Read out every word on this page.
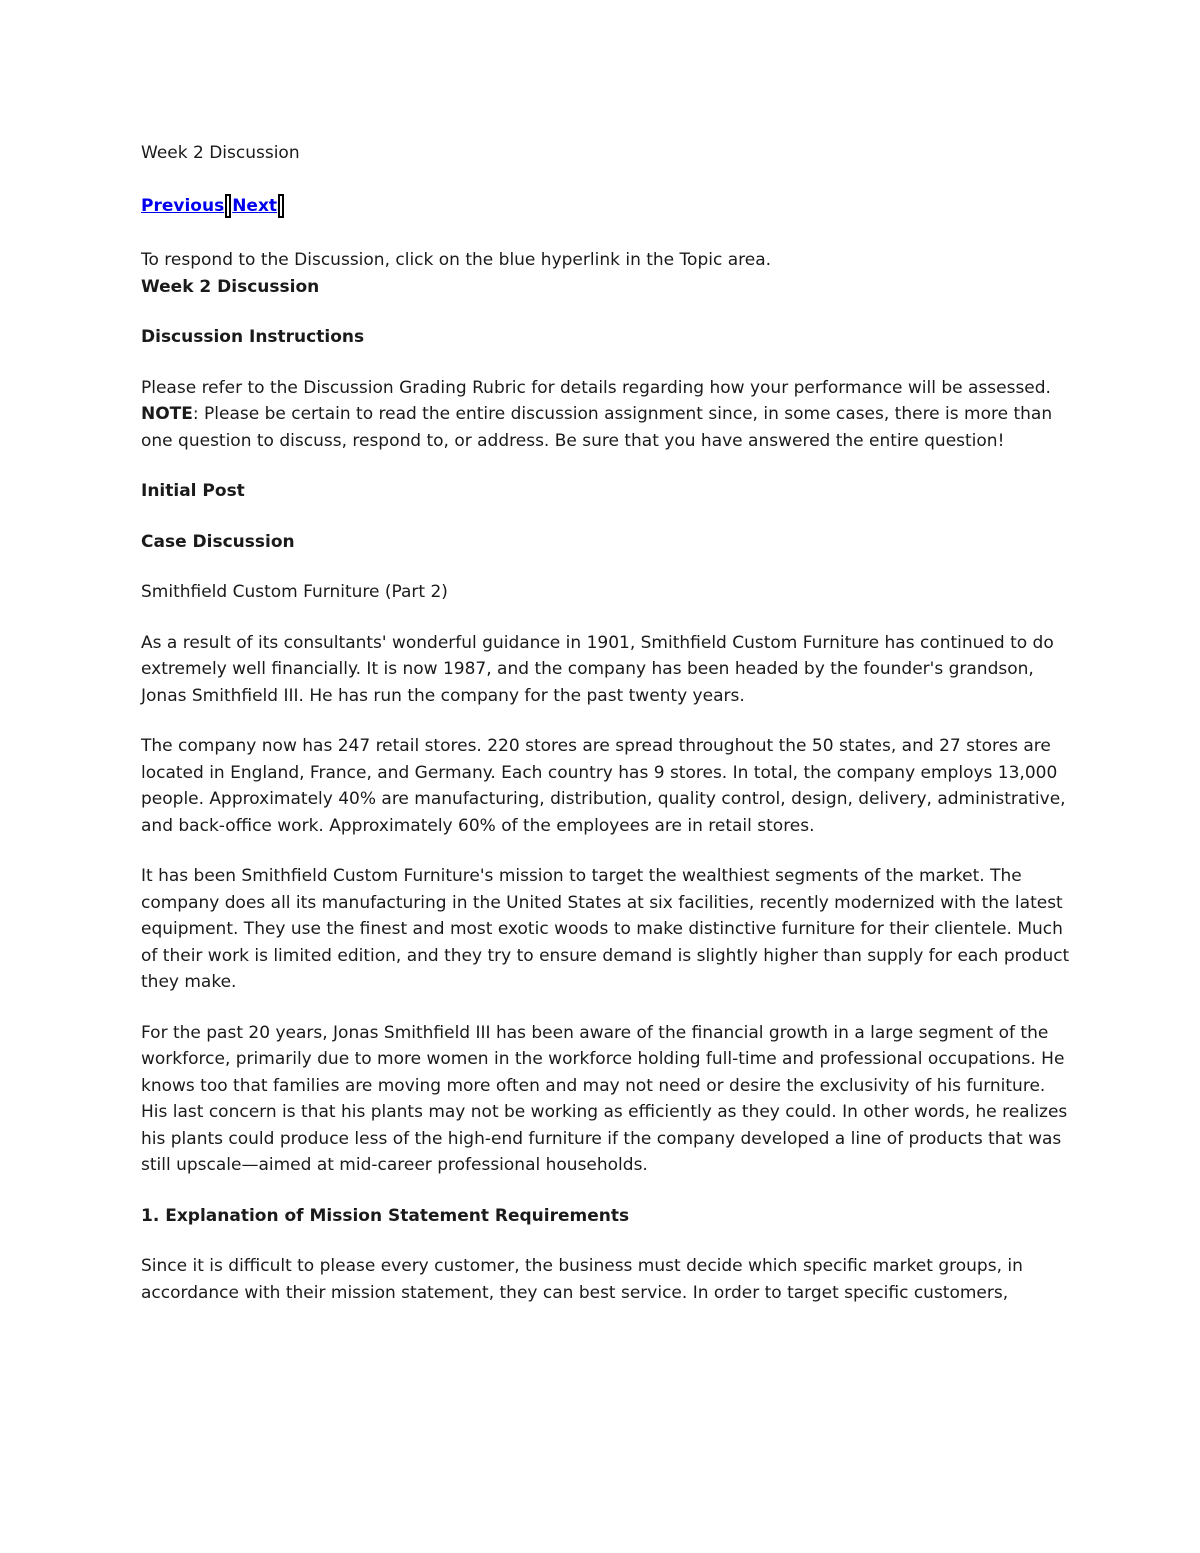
Week 2 Discussion

Previous Next

To respond to the Discussion, click on the blue hyperlink in the Topic area.

Week 2 Discussion

Discussion Instructions

Please refer to the Discussion Grading Rubric for details regarding how your performance will be assessed. NOTE: Please be certain to read the entire discussion assignment since, in some cases, there is more than one question to discuss, respond to, or address. Be sure that you have answered the entire question!

Initial Post

Case Discussion

Smithfield Custom Furniture (Part 2)

As a result of its consultants' wonderful guidance in 1901, Smithfield Custom Furniture has continued to do extremely well financially. It is now 1987, and the company has been headed by the founder's grandson, Jonas Smithfield III. He has run the company for the past twenty years.

The company now has 247 retail stores. 220 stores are spread throughout the 50 states, and 27 stores are located in England, France, and Germany. Each country has 9 stores. In total, the company employs 13,000 people. Approximately 40% are manufacturing, distribution, quality control, design, delivery, administrative, and back-office work. Approximately 60% of the employees are in retail stores.

It has been Smithfield Custom Furniture's mission to target the wealthiest segments of the market. The company does all its manufacturing in the United States at six facilities, recently modernized with the latest equipment. They use the finest and most exotic woods to make distinctive furniture for their clientele. Much of their work is limited edition, and they try to ensure demand is slightly higher than supply for each product they make.

For the past 20 years, Jonas Smithfield III has been aware of the financial growth in a large segment of the workforce, primarily due to more women in the workforce holding full-time and professional occupations. He knows too that families are moving more often and may not need or desire the exclusivity of his furniture. His last concern is that his plants may not be working as efficiently as they could. In other words, he realizes his plants could produce less of the high-end furniture if the company developed a line of products that was still upscale—aimed at mid-career professional households.

1. Explanation of Mission Statement Requirements

Since it is difficult to please every customer, the business must decide which specific market groups, in accordance with their mission statement, they can best service. In order to target specific customers,
